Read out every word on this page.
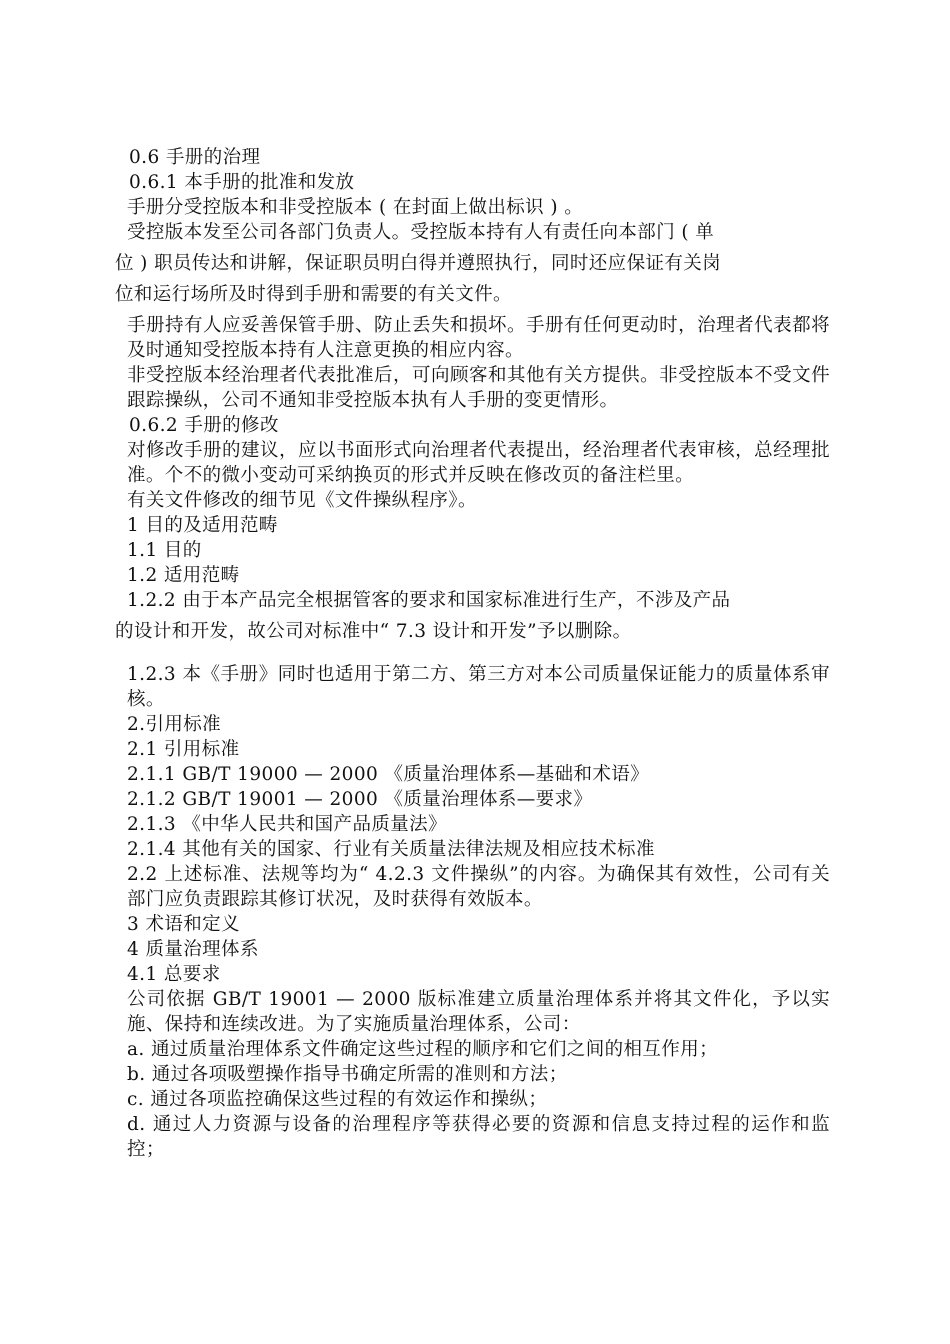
0.6 手册的治理

0.6.1 本手册的批准和发放

手册分受控版本和非受控版本 ( 在封面上做出标识 ) 。

受控版本发至公司各部门负责人。受控版本持有人有责任向本部门 ( 单

位 ) 职员传达和讲解，保证职员明白得并遵照执行，同时还应保证有关岗

位和运行场所及时得到手册和需要的有关文件。

手册持有人应妥善保管手册、防止丢失和损坏。手册有任何更动时，治理者代表都将及时通知受控版本持有人注意更换的相应内容。

非受控版本经治理者代表批准后，可向顾客和其他有关方提供。非受控版本不受文件跟踪操纵，公司不通知非受控版本执有人手册的变更情形。

0.6.2 手册的修改

对修改手册的建议，应以书面形式向治理者代表提出，经治理者代表审核，总经理批准。个不的微小变动可采纳换页的形式并反映在修改页的备注栏里。

有关文件修改的细节见《文件操纵程序》。

1 目的及适用范畴

1.1 目的

1.2 适用范畴

1.2.2 由于本产品完全根据管客的要求和国家标准进行生产，不涉及产品

的设计和开发，故公司对标准中“ 7.3 设计和开发”予以删除。

1.2.3 本《手册》同时也适用于第二方、第三方对本公司质量保证能力的质量体系审核。

2.引用标准

2.1 引用标准

2.1.1 GB/T 19000 — 2000 《质量治理体系—基础和术语》

2.1.2 GB/T 19001 — 2000 《质量治理体系—要求》

2.1.3 《中华人民共和国产品质量法》

2.1.4 其他有关的国家、行业有关质量法律法规及相应技术标准

2.2 上述标准、法规等均为“ 4.2.3 文件操纵”的内容。为确保其有效性，公司有关部门应负责跟踪其修订状况，及时获得有效版本。

3 术语和定义

4 质量治理体系

4.1 总要求

公司依据 GB/T 19001 — 2000 版标准建立质量治理体系并将其文件化，予以实施、保持和连续改进。为了实施质量治理体系，公司：

a. 通过质量治理体系文件确定这些过程的顺序和它们之间的相互作用；

b. 通过各项吸塑操作指导书确定所需的准则和方法；

c. 通过各项监控确保这些过程的有效运作和操纵；

d. 通过人力资源与设备的治理程序等获得必要的资源和信息支持过程的运作和监控；
